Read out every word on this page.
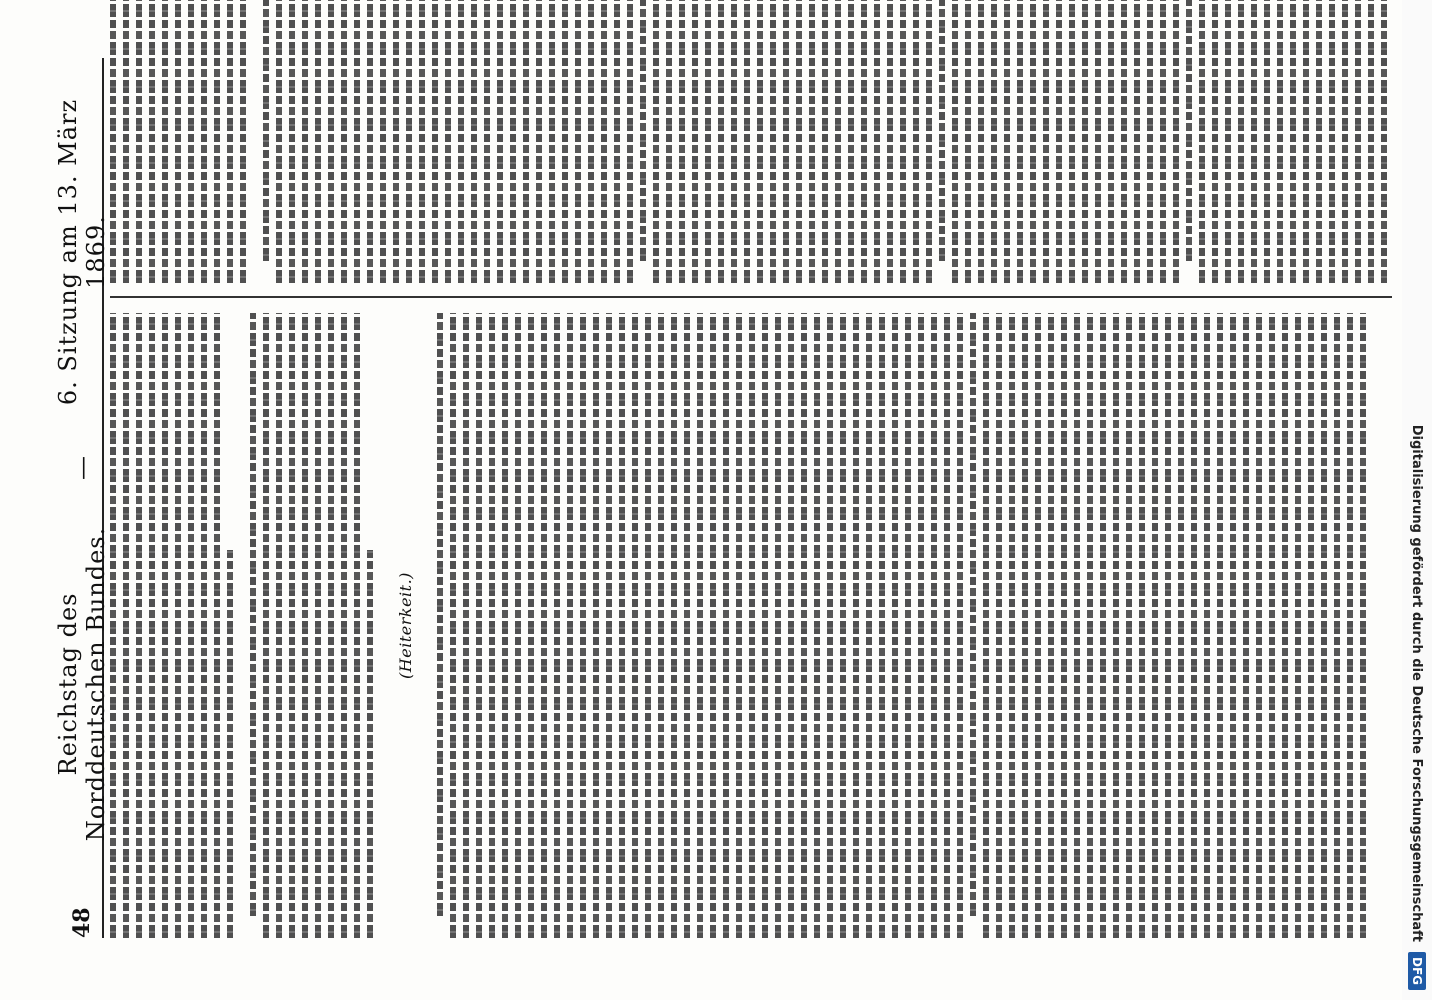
48
Reichstag des Norddeutschen Bundes.
—
6. Sitzung am 13. März 1869.
(Heiterkeit.)	Digitalisierung gefördert durch die Deutsche Forschungsgemeinschaft
DFG
